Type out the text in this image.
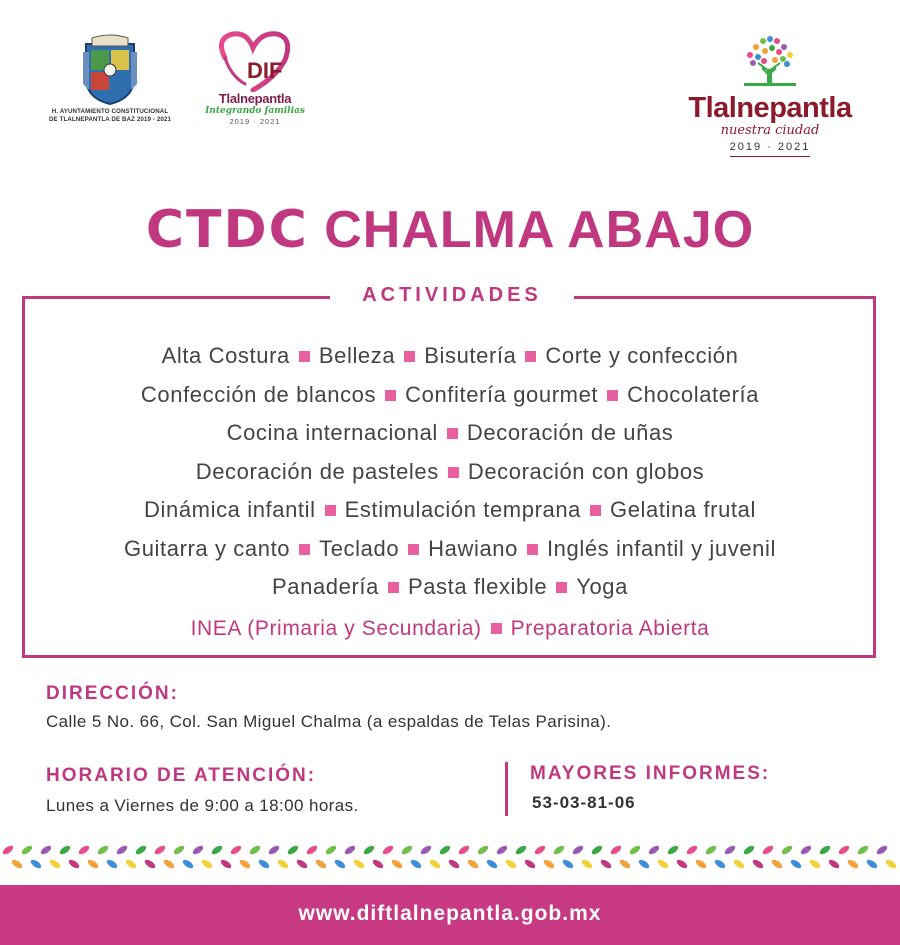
H. AYUNTAMIENTO CONSTITUCIONAL
DE TLALNEPANTLA DE BAZ 2019 - 2021
DIF
Tlalnepantla
Integrando familias
2019 · 2021	Tlalnepantla
nuestra ciudad
2019 · 2021
CTDC CHALMA ABAJO
ACTIVIDADES
Alta Costura Belleza Bisutería Corte y confección
Confección de blancos Confitería gourmet Chocolatería
Cocina internacional Decoración de uñas
Decoración de pasteles Decoración con globos
Dinámica infantil Estimulación temprana Gelatina frutal
Guitarra y canto Teclado Hawiano Inglés infantil y juvenil
Panadería Pasta flexible Yoga
INEA (Primaria y Secundaria) Preparatoria Abierta
DIRECCIÓN:
Calle 5 No. 66, Col. San Miguel Chalma (a espaldas de Telas Parisina).
HORARIO DE ATENCIÓN:
Lunes a Viernes de 9:00 a 18:00 horas.
MAYORES INFORMES:
53-03-81-06
www.diftlalnepantla.gob.mx
